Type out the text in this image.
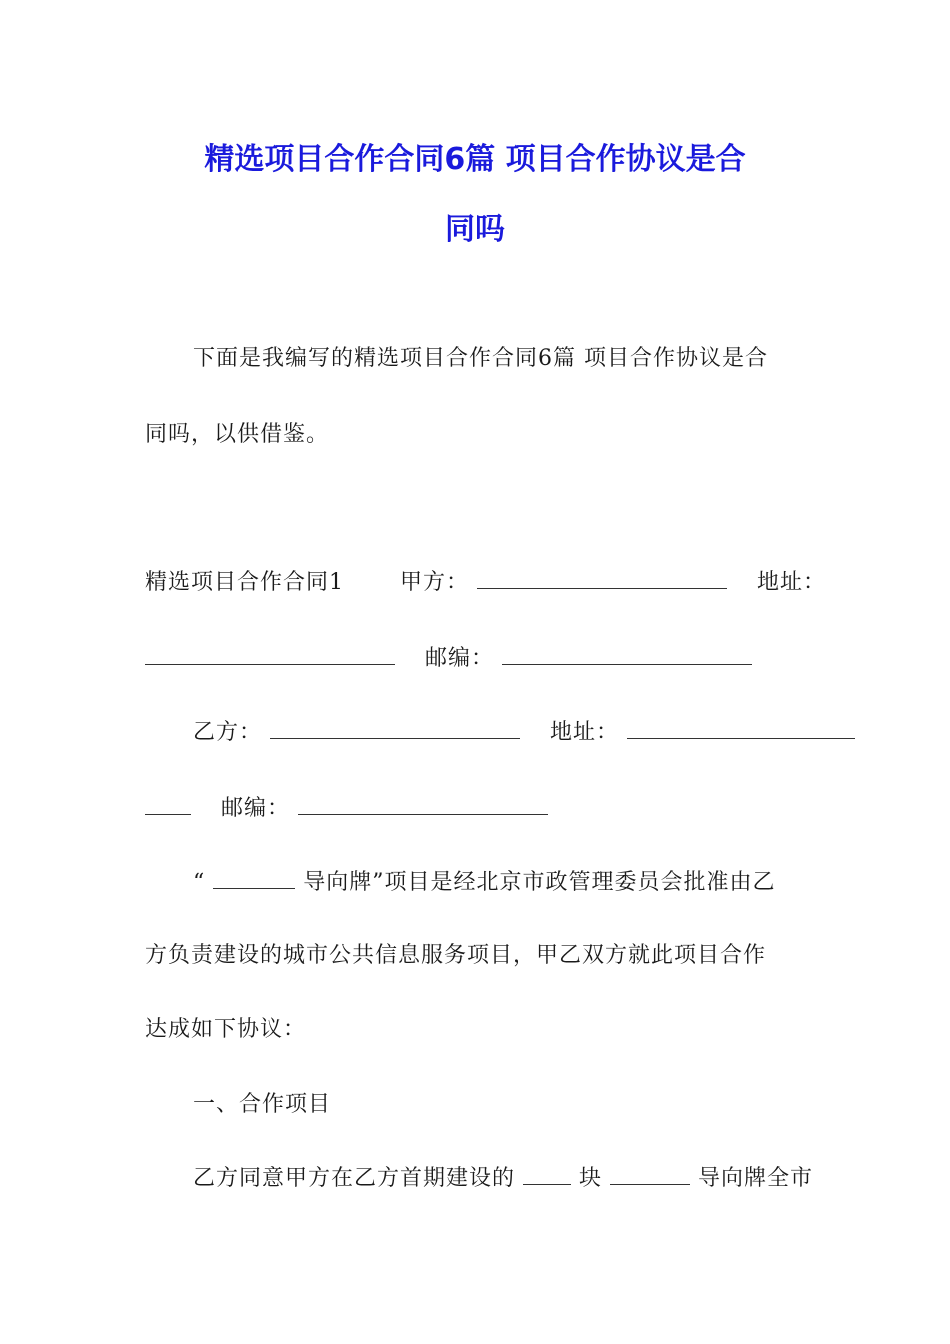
精选项目合作合同6篇 项目合作协议是合
同吗
下面是我编写的精选项目合作合同6篇 项目合作协议是合
同吗，以供借鉴。
精选项目合作合同1	甲方：	地址：
邮编：
乙方：	地址：
邮编：
“	导向牌”项目是经北京市政管理委员会批准由乙
方负责建设的城市公共信息服务项目，甲乙双方就此项目合作
达成如下协议：
一、合作项目
乙方同意甲方在乙方首期建设的	块	导向牌全市
